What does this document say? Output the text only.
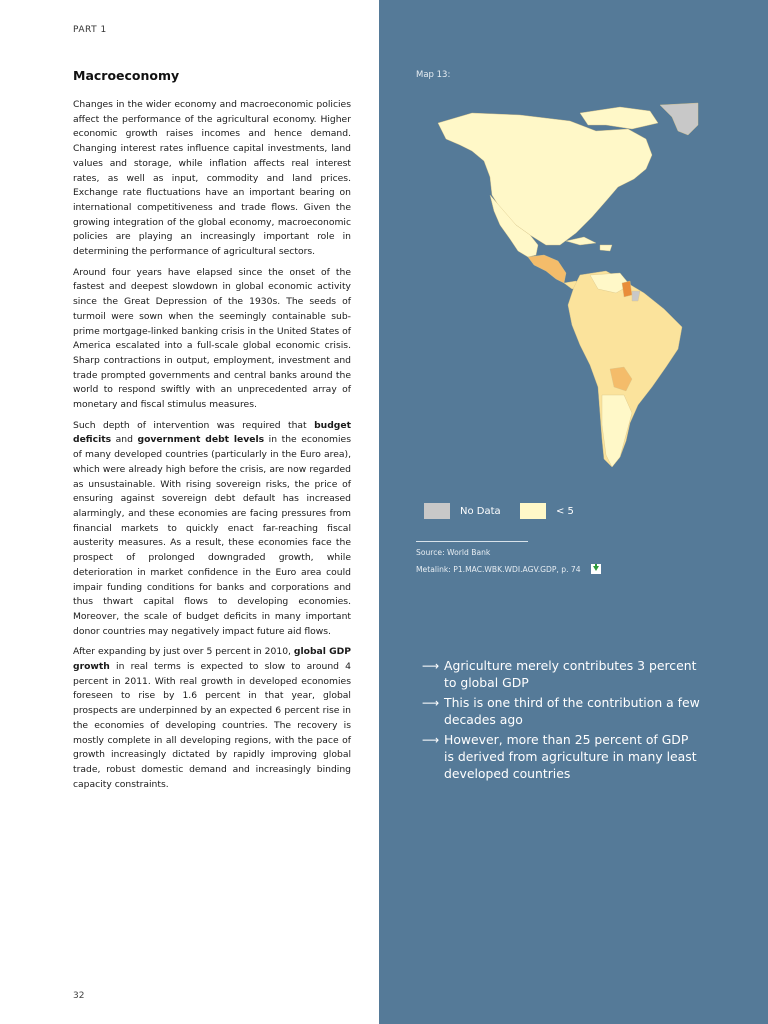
PART 1
Macroeconomy

Changes in the wider economy and macroeconomic policies affect the performance of the agricultural economy. Higher economic growth raises incomes and hence demand. Changing interest rates influence capital investments, land values and storage, while inflation affects real interest rates, as well as input, commodity and land prices. Exchange rate fluctuations have an important bearing on international competitiveness and trade flows. Given the growing integration of the global economy, macroeconomic policies are playing an increasingly important role in determining the performance of agricultural sectors.

Around four years have elapsed since the onset of the fastest and deepest slowdown in global economic activity since the Great Depression of the 1930s. The seeds of turmoil were sown when the seemingly containable sub-prime mortgage-linked banking crisis in the United States of America escalated into a full-scale global economic crisis. Sharp contractions in output, employment, investment and trade prompted governments and central banks around the world to respond swiftly with an unprecedented array of monetary and fiscal stimulus measures.

Such depth of intervention was required that budget deficits and government debt levels in the economies of many developed countries (particularly in the Euro area), which were already high before the crisis, are now regarded as unsustainable. With rising sovereign risks, the price of ensuring against sovereign debt default has increased alarmingly, and these economies are facing pressures from financial markets to quickly enact far-reaching fiscal austerity measures. As a result, these economies face the prospect of prolonged downgraded growth, while deterioration in market confidence in the Euro area could impair funding conditions for banks and corporations and thus thwart capital flows to developing economies. Moreover, the scale of budget deficits in many important donor countries may negatively impact future aid flows.

After expanding by just over 5 percent in 2010, global GDP growth in real terms is expected to slow to around 4 percent in 2011. With real growth in developed economies foreseen to rise by 1.6 percent in that year, global prospects are underpinned by an expected 6 percent rise in the economies of developing countries. The recovery is mostly complete in all developing regions, with the pace of growth increasingly dictated by rapidly improving global trade, robust domestic demand and increasingly binding capacity constraints.

32
Map 13:
No Data	< 5
Source: World Bank
Metalink: P1.MAC.WBK.WDI.AGV.GDP, p. 74
⟶ Agriculture merely contributes 3 percent to global GDP
⟶ This is one third of the contribution a few decades ago
⟶ However, more than 25 percent of GDP is derived from agriculture in many least developed countries
